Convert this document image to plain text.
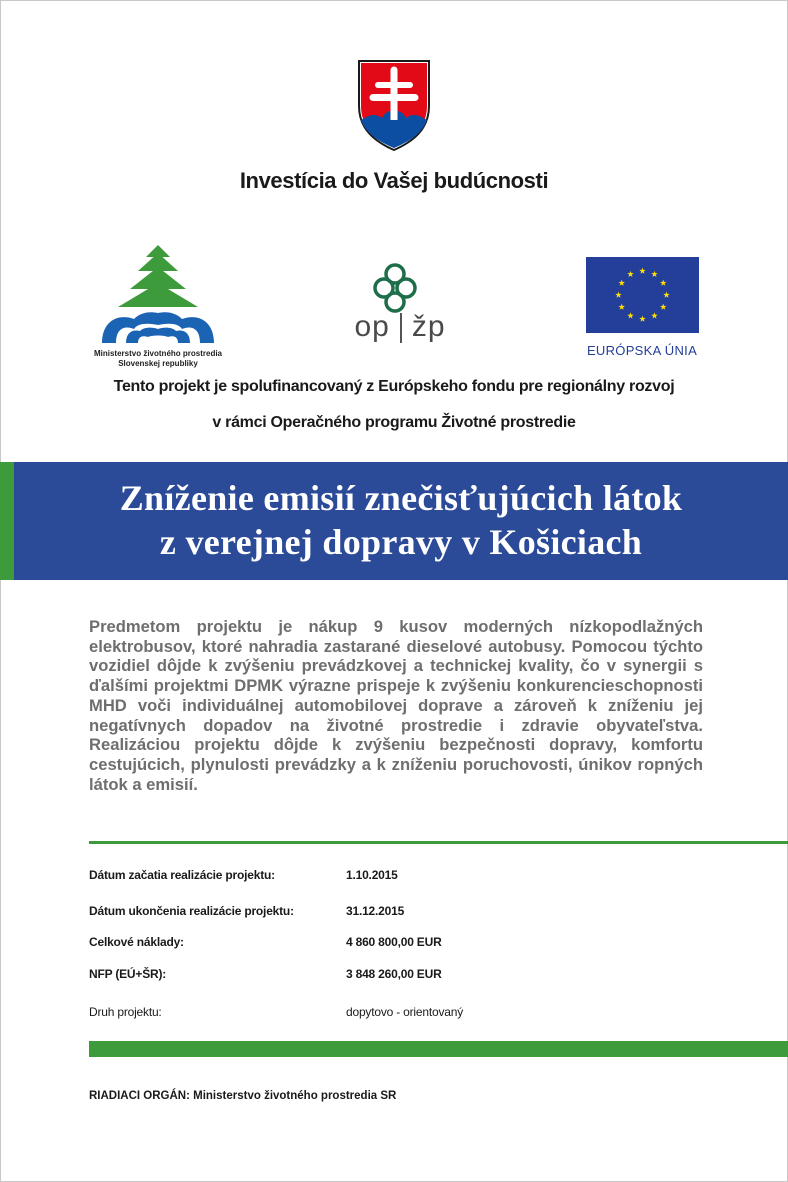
Investícia do Vašej budúcnosti
Ministerstvo životného prostredia
Slovenskej republiky
op žp
EURÓPSKA ÚNIA
Tento projekt je spolufinancovaný z Európskeho fondu pre regionálny rozvoj
v rámci Operačného programu Životné prostredie
Zníženie emisií znečisťujúcich látok
z verejnej dopravy v Košiciach
Predmetom projektu je nákup 9 kusov moderných nízkopodlažných elektrobusov, ktoré nahradia zastarané dieselové autobusy. Pomocou týchto vozidiel dôjde k zvýšeniu prevádzkovej a technickej kvality, čo v synergii s ďalšími projektmi DPMK výrazne prispeje k zvýšeniu konkurencieschopnosti MHD voči individuálnej automobilovej doprave a zároveň k zníženiu jej negatívnych dopadov na životné prostredie i zdravie obyvateľstva. Realizáciou projektu dôjde k zvýšeniu bezpečnosti dopravy, komfortu cestujúcich, plynulosti prevádzky a k zníženiu poruchovosti, únikov ropných látok a emisií.
Dátum začatia realizácie projektu:	1.10.2015
Dátum ukončenia realizácie projektu:	31.12.2015
Celkové náklady:	4 860 800,00 EUR
NFP (EÚ+ŠR):	3 848 260,00 EUR
Druh projektu:	dopytovo - orientovaný
RIADIACI ORGÁN: Ministerstvo životného prostredia SR
